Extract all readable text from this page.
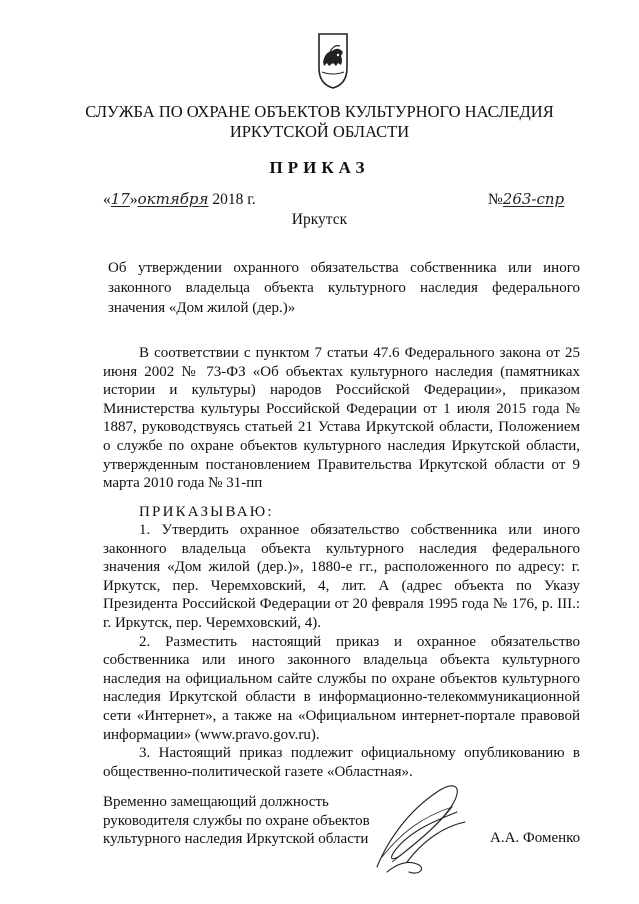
СЛУЖБА ПО ОХРАНЕ ОБЪЕКТОВ КУЛЬТУРНОГО НАСЛЕДИЯ
ИРКУТСКОЙ ОБЛАСТИ
ПРИКАЗ
«17»октября 2018 г.	№263-спр
Иркутск
Об утверждении охранного обязательства собственника или иного законного владельца объекта культурного наследия федерального значения «Дом жилой (дер.)»

В соответствии с пунктом 7 статьи 47.6 Федерального закона от 25 июня 2002 № 73-ФЗ «Об объектах культурного наследия (памятниках истории и культуры) народов Российской Федерации», приказом Министерства культуры Российской Федерации от 1 июля 2015 года № 1887, руководствуясь статьей 21 Устава Иркутской области, Положением о службе по охране объектов культурного наследия Иркутской области, утвержденным постановлением Правительства Иркутской области от 9 марта 2010 года № 31-пп

ПРИКАЗЫВАЮ:

1. Утвердить охранное обязательство собственника или иного законного владельца объекта культурного наследия федерального значения «Дом жилой (дер.)», 1880-е гг., расположенного по адресу: г. Иркутск, пер. Черемховский, 4, лит. А (адрес объекта по Указу Президента Российской Федерации от 20 февраля 1995 года № 176, р. III.: г. Иркутск, пер. Черемховский, 4).

2. Разместить настоящий приказ и охранное обязательство собственника или иного законного владельца объекта культурного наследия на официальном сайте службы по охране объектов культурного наследия Иркутской области в информационно-телекоммуникационной сети «Интернет», а также на «Официальном интернет-портале правовой информации» (www.pravo.gov.ru).

3. Настоящий приказ подлежит официальному опубликованию в общественно-политической газете «Областная».

Временно замещающий должность
руководителя службы по охране объектов
культурного наследия Иркутской области	А.А. Фоменко
